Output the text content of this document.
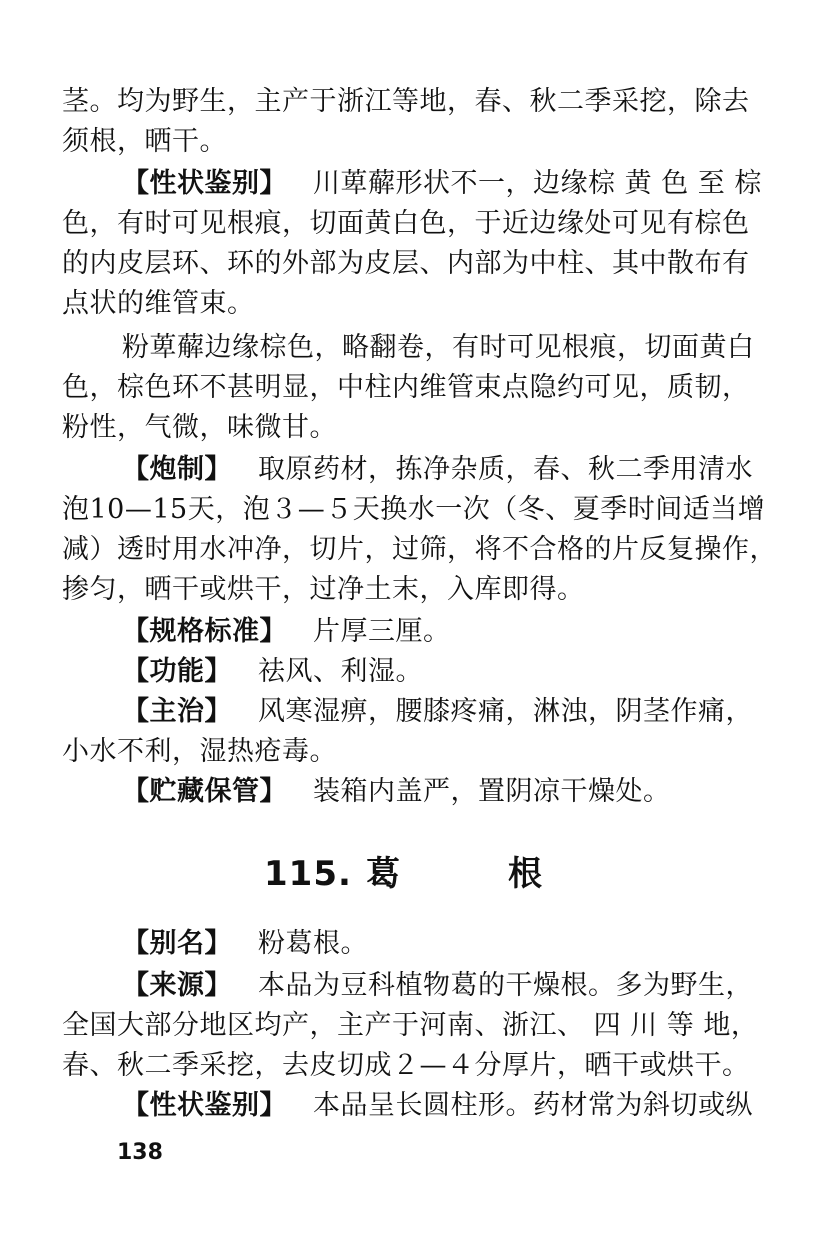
茎。均为野生，主产于浙江等地，春、秋二季采挖，除去
须根，晒干。
【性状鉴别】 川萆薢形状不一，边缘棕 黄 色 至 棕
色，有时可见根痕，切面黄白色，于近边缘处可见有棕色
的内皮层环、环的外部为皮层、内部为中柱、其中散布有
点状的维管束。
粉萆薢边缘棕色，略翻卷，有时可见根痕，切面黄白
色，棕色环不甚明显，中柱内维管束点隐约可见，质韧，
粉性，气微，味微甘。
【炮制】 取原药材，拣净杂质，春、秋二季用清水
泡10—15天，泡３—５天换水一次（冬、夏季时间适当增
减）透时用水冲净，切片，过筛，将不合格的片反复操作，
掺匀，晒干或烘干，过净土末，入库即得。
【规格标准】 片厚三厘。
【功能】 祛风、利湿。
【主治】 风寒湿痹，腰膝疼痛，淋浊，阴茎作痛，
小水不利，湿热疮毒。
【贮藏保管】 装箱内盖严，置阴凉干燥处。
115. 葛	根
【别名】 粉葛根。
【来源】 本品为豆科植物葛的干燥根。多为野生，
全国大部分地区均产，主产于河南、浙江、 四 川 等 地，
春、秋二季采挖，去皮切成２—４分厚片，晒干或烘干。
【性状鉴别】 本品呈长圆柱形。药材常为斜切或纵
138
